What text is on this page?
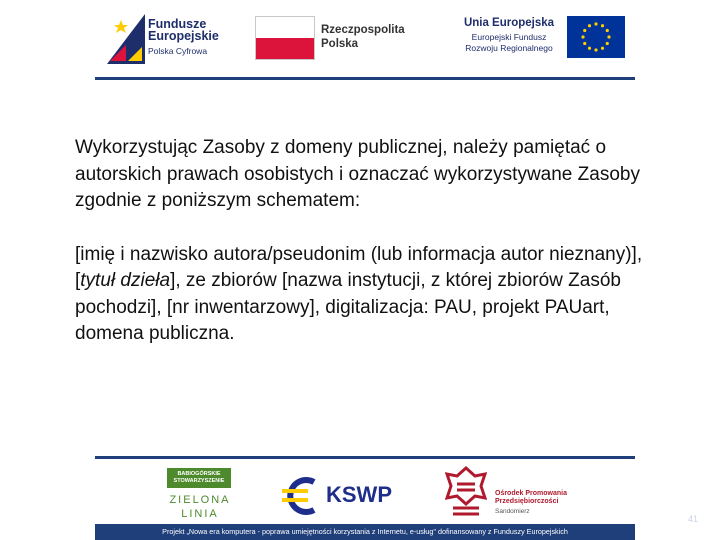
Fundusze
Europejskie
Polska Cyfrowa
Rzeczpospolita
Polska
Unia Europejska
Europejski Fundusz
Rozwoju Regionalnego

Wykorzystując Zasoby z domeny publicznej, należy pamiętać o autorskich prawach osobistych i oznaczać wykorzystywane Zasoby zgodnie z poniższym schematem:

[imię i nazwisko autora/pseudonim (lub informacja autor nieznany)], [tytuł dzieła], ze zbiorów [nazwa instytucji, z której zbiorów Zasób pochodzi], [nr inwentarzowy], digitalizacja: PAU, projekt PAUart, domena publiczna.

BABIOGÓRSKIE
STOWARZYSZENIE
ZIELONA
LINIA
KSWP	Ośrodek Promowania
Przedsiębiorczości
Sandomierz
Projekt „Nowa era komputera - poprawa umiejętności korzystania z Internetu, e-usług" dofinansowany z Funduszy Europejskich
41
